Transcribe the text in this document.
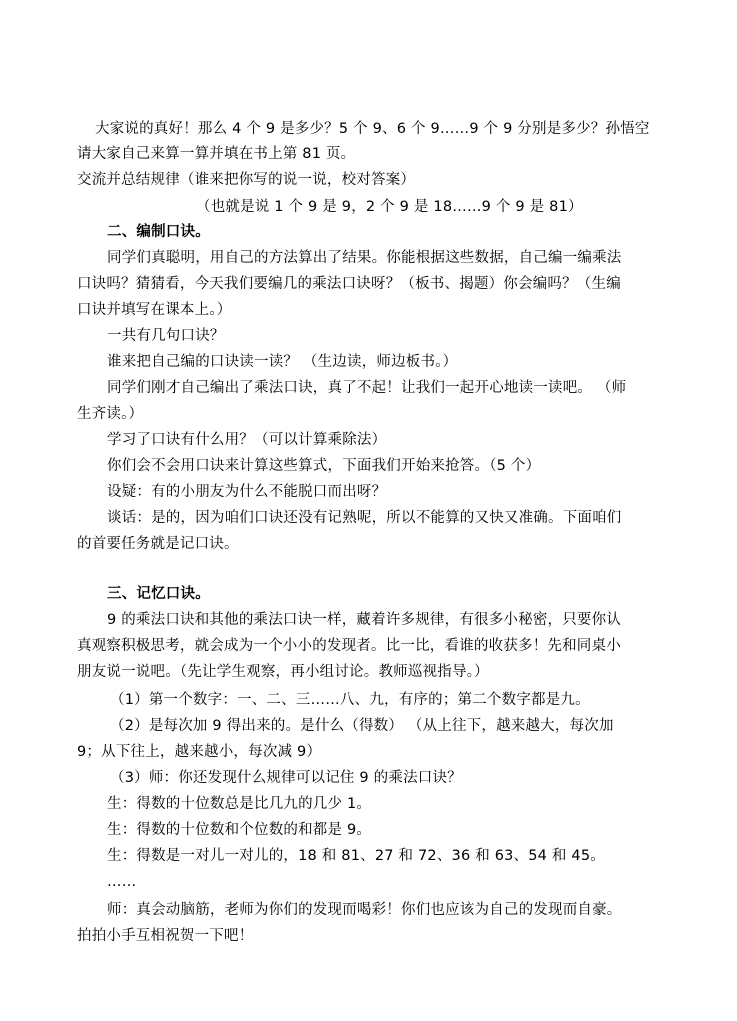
大家说的真好！那么 4 个 9 是多少？5 个 9、6 个 9……9 个 9 分别是多少？孙悟空
请大家自己来算一算并填在书上第 81 页。
交流并总结规律（谁来把你写的说一说，校对答案）
（也就是说 1 个 9 是 9，2 个 9 是 18……9 个 9 是 81）
二、编制口诀。
同学们真聪明，用自己的方法算出了结果。你能根据这些数据，自己编一编乘法
口诀吗？猜猜看，今天我们要编几的乘法口诀呀？（板书、揭题）你会编吗？（生编
口诀并填写在课本上。）
一共有几句口诀？
谁来把自己编的口诀读一读？ （生边读，师边板书。）
同学们刚才自己编出了乘法口诀，真了不起！让我们一起开心地读一读吧。 （师
生齐读。）
学习了口诀有什么用？（可以计算乘除法）
你们会不会用口诀来计算这些算式，下面我们开始来抢答。（5 个）
设疑：有的小朋友为什么不能脱口而出呀？
谈话：是的，因为咱们口诀还没有记熟呢，所以不能算的又快又准确。下面咱们
的首要任务就是记口诀。
三、记忆口诀。
9 的乘法口诀和其他的乘法口诀一样，藏着许多规律，有很多小秘密，只要你认
真观察积极思考，就会成为一个小小的发现者。比一比，看谁的收获多！先和同桌小
朋友说一说吧。（先让学生观察，再小组讨论。教师巡视指导。）
（1）第一个数字：一、二、三……八、九，有序的；第二个数字都是九。
（2）是每次加 9 得出来的。是什么（得数） （从上往下，越来越大，每次加
9；从下往上，越来越小，每次减 9）
（3）师：你还发现什么规律可以记住 9 的乘法口诀？
生：得数的十位数总是比几九的几少 1。
生：得数的十位数和个位数的和都是 9。
生：得数是一对儿一对儿的，18 和 81、27 和 72、36 和 63、54 和 45。
……
师：真会动脑筋，老师为你们的发现而喝彩！你们也应该为自己的发现而自豪。
拍拍小手互相祝贺一下吧！
